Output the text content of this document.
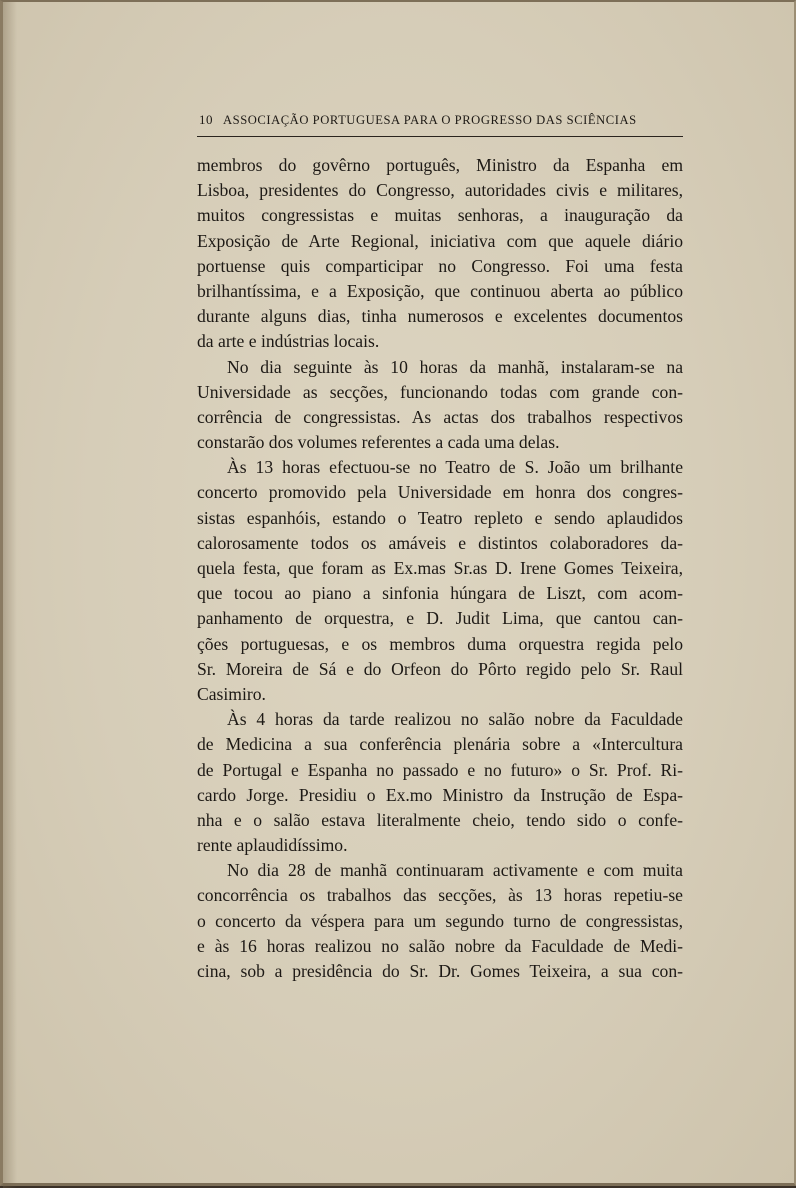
10 ASSOCIAÇÃO PORTUGUESA PARA O PROGRESSO DAS SCIÊNCIAS
membros do govêrno português, Ministro da Espanha em
Lisboa, presidentes do Congresso, autoridades civis e militares,
muitos congressistas e muitas senhoras, a inauguração da
Exposição de Arte Regional, iniciativa com que aquele diário
portuense quis comparticipar no Congresso. Foi uma festa
brilhantíssima, e a Exposição, que continuou aberta ao público
durante alguns dias, tinha numerosos e excelentes documentos
da arte e indústrias locais.
No dia seguinte às 10 horas da manhã, instalaram-se na
Universidade as secções, funcionando todas com grande con-
corrência de congressistas. As actas dos trabalhos respectivos
constarão dos volumes referentes a cada uma delas.
Às 13 horas efectuou-se no Teatro de S. João um brilhante
concerto promovido pela Universidade em honra dos congres-
sistas espanhóis, estando o Teatro repleto e sendo aplaudidos
calorosamente todos os amáveis e distintos colaboradores da-
quela festa, que foram as Ex.mas Sr.as D. Irene Gomes Teixeira,
que tocou ao piano a sinfonia húngara de Liszt, com acom-
panhamento de orquestra, e D. Judit Lima, que cantou can-
ções portuguesas, e os membros duma orquestra regida pelo
Sr. Moreira de Sá e do Orfeon do Pôrto regido pelo Sr. Raul
Casimiro.
Às 4 horas da tarde realizou no salão nobre da Faculdade
de Medicina a sua conferência plenária sobre a «Intercultura
de Portugal e Espanha no passado e no futuro» o Sr. Prof. Ri-
cardo Jorge. Presidiu o Ex.mo Ministro da Instrução de Espa-
nha e o salão estava literalmente cheio, tendo sido o confe-
rente aplaudidíssimo.
No dia 28 de manhã continuaram activamente e com muita
concorrência os trabalhos das secções, às 13 horas repetiu-se
o concerto da véspera para um segundo turno de congressistas,
e às 16 horas realizou no salão nobre da Faculdade de Medi-
cina, sob a presidência do Sr. Dr. Gomes Teixeira, a sua con-
